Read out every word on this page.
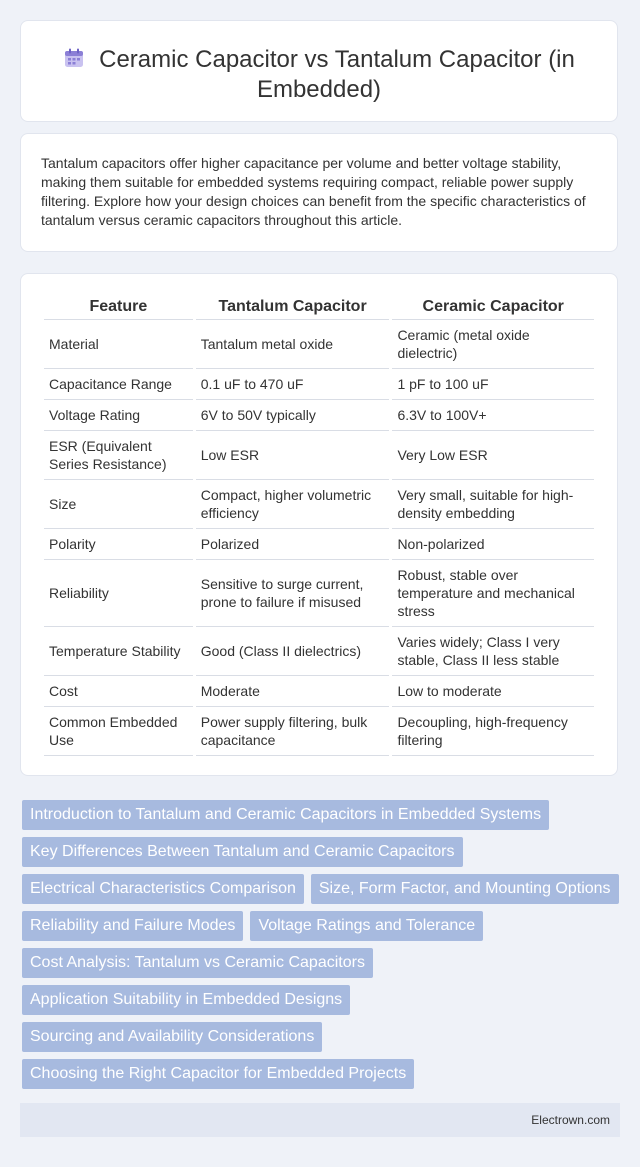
Ceramic Capacitor vs Tantalum Capacitor (in Embedded)
Tantalum capacitors offer higher capacitance per volume and better voltage stability, making them suitable for embedded systems requiring compact, reliable power supply filtering. Explore how your design choices can benefit from the specific characteristics of tantalum versus ceramic capacitors throughout this article.
Feature	Tantalum Capacitor	Ceramic Capacitor
Material	Tantalum metal oxide	Ceramic (metal oxide dielectric)
Capacitance Range	0.1 uF to 470 uF	1 pF to 100 uF
Voltage Rating	6V to 50V typically	6.3V to 100V+
ESR (Equivalent Series Resistance)	Low ESR	Very Low ESR
Size	Compact, higher volumetric efficiency	Very small, suitable for high-density embedding
Polarity	Polarized	Non-polarized
Reliability	Sensitive to surge current, prone to failure if misused	Robust, stable over temperature and mechanical stress
Temperature Stability	Good (Class II dielectrics)	Varies widely; Class I very stable, Class II less stable
Cost	Moderate	Low to moderate
Common Embedded Use	Power supply filtering, bulk capacitance	Decoupling, high-frequency filtering
Introduction to Tantalum and Ceramic Capacitors in Embedded Systems
Key Differences Between Tantalum and Ceramic Capacitors
Electrical Characteristics Comparison Size, Form Factor, and Mounting Options
Reliability and Failure Modes Voltage Ratings and Tolerance
Cost Analysis: Tantalum vs Ceramic Capacitors
Application Suitability in Embedded Designs
Sourcing and Availability Considerations
Choosing the Right Capacitor for Embedded Projects
Electrown.com
